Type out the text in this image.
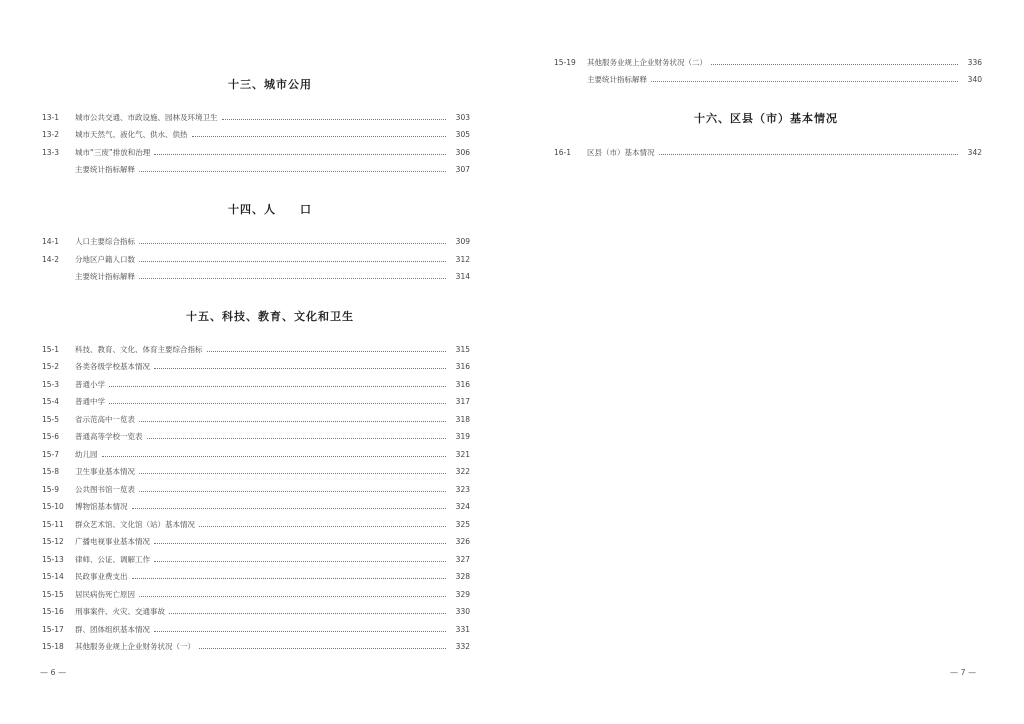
十三、城市公用
13-1	城市公共交通、市政设施、园林及环境卫生	303
13-2	城市天然气、液化气、供水、供热	305
13-3	城市“三废”排放和治理	306
主要统计指标解释	307
十四、人　　口
14-1	人口主要综合指标	309
14-2	分地区户籍人口数	312
主要统计指标解释	314
十五、科技、教育、文化和卫生
15-1	科技、教育、文化、体育主要综合指标	315
15-2	各类各级学校基本情况	316
15-3	普通小学	316
15-4	普通中学	317
15-5	省示范高中一览表	318
15-6	普通高等学校一览表	319
15-7	幼儿园	321
15-8	卫生事业基本情况	322
15-9	公共图书馆一览表	323
15-10	博物馆基本情况	324
15-11	群众艺术馆、文化馆（站）基本情况	325
15-12	广播电视事业基本情况	326
15-13	律师、公证、调解工作	327
15-14	民政事业费支出	328
15-15	居民病伤死亡原因	329
15-16	刑事案件、火灾、交通事故	330
15-17	群、团体组织基本情况	331
15-18	其他服务业规上企业财务状况（一）	332
— 6 —
15-19	其他服务业规上企业财务状况（二）	336
主要统计指标解释	340
十六、区县（市）基本情况
16-1	区县（市）基本情况	342
— 7 —
